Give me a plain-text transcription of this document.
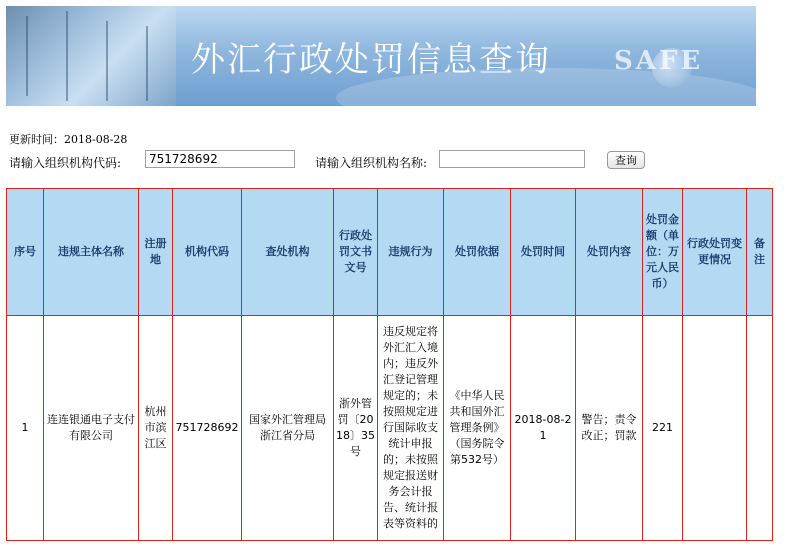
外汇行政处罚信息查询 SAFE
更新时间：2018-08-28
请输入组织机构代码:
751728692	请输入组织机构名称:	查询
序号	违规主体名称	注册地	机构代码	查处机构	行政处罚文书文号	违规行为	处罚依据	处罚时间	处罚内容	处罚金额（单位：万元人民币）	行政处罚变更情况	备注
1	连连银通电子支付有限公司	杭州市滨江区	751728692	国家外汇管理局浙江省分局	浙外管罚〔2018〕35号	违反规定将外汇汇入境内；违反外汇登记管理规定的；未按照规定进行国际收支统计申报的；未按照规定报送财务会计报告、统计报表等资料的	《中华人民共和国外汇管理条例》（国务院令第532号）	2018-08-21	警告；责令改正；罚款	221		
